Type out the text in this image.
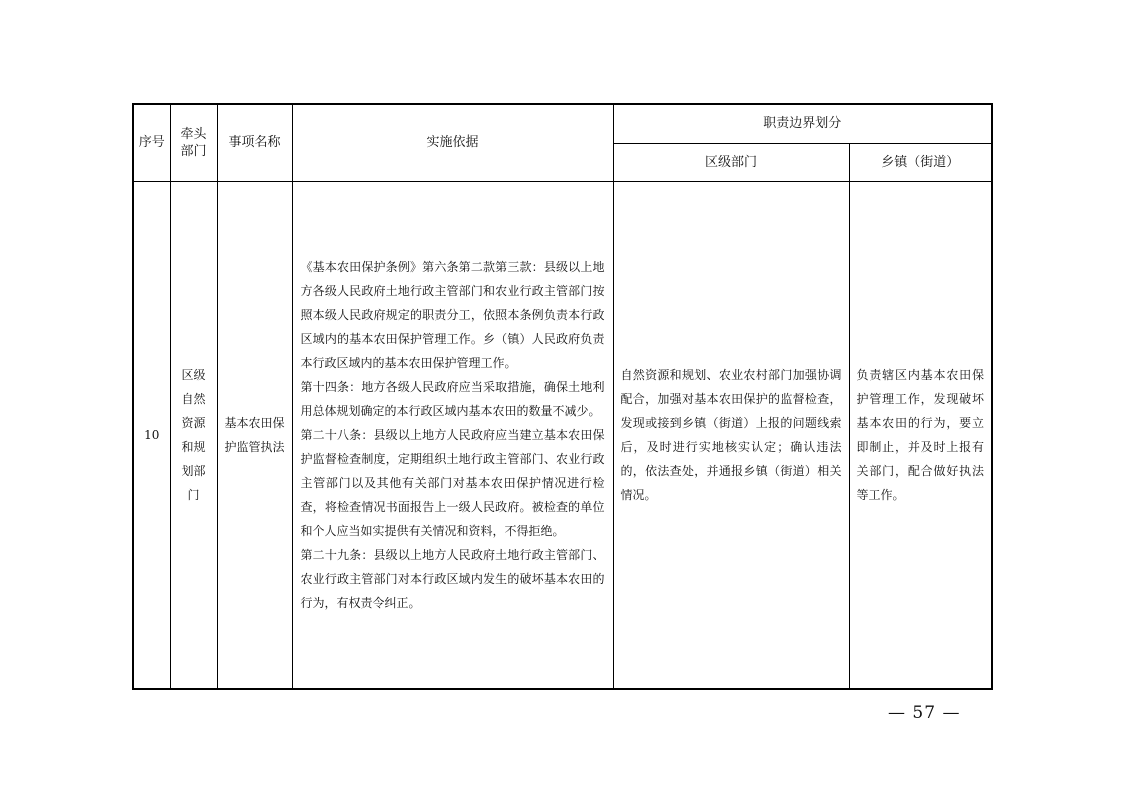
序号	牵头部门	事项名称	实施依据	职责边界划分	
				区级部门	乡镇（街道）
10	区级自然资源和规划部门	基本农田保护监管执法	《基本农田保护条例》第六条第二款第三款：县级以上地方各级人民政府土地行政主管部门和农业行政主管部门按照本级人民政府规定的职责分工，依照本条例负责本行政区域内的基本农田保护管理工作。乡（镇）人民政府负责本行政区域内的基本农田保护管理工作。

第十四条：地方各级人民政府应当采取措施，确保土地利用总体规划确定的本行政区域内基本农田的数量不减少。

第二十八条：县级以上地方人民政府应当建立基本农田保护监督检查制度，定期组织土地行政主管部门、农业行政主管部门以及其他有关部门对基本农田保护情况进行检查，将检查情况书面报告上一级人民政府。被检查的单位和个人应当如实提供有关情况和资料，不得拒绝。

第二十九条：县级以上地方人民政府土地行政主管部门、农业行政主管部门对本行政区域内发生的破坏基本农田的行为，有权责令纠正。	自然资源和规划、农业农村部门加强协调配合，加强对基本农田保护的监督检查，发现或接到乡镇（街道）上报的问题线索后，及时进行实地核实认定；确认违法的，依法查处，并通报乡镇（街道）相关情况。	负责辖区内基本农田保护管理工作，发现破坏基本农田的行为，要立即制止，并及时上报有关部门，配合做好执法等工作。
— 57 —
